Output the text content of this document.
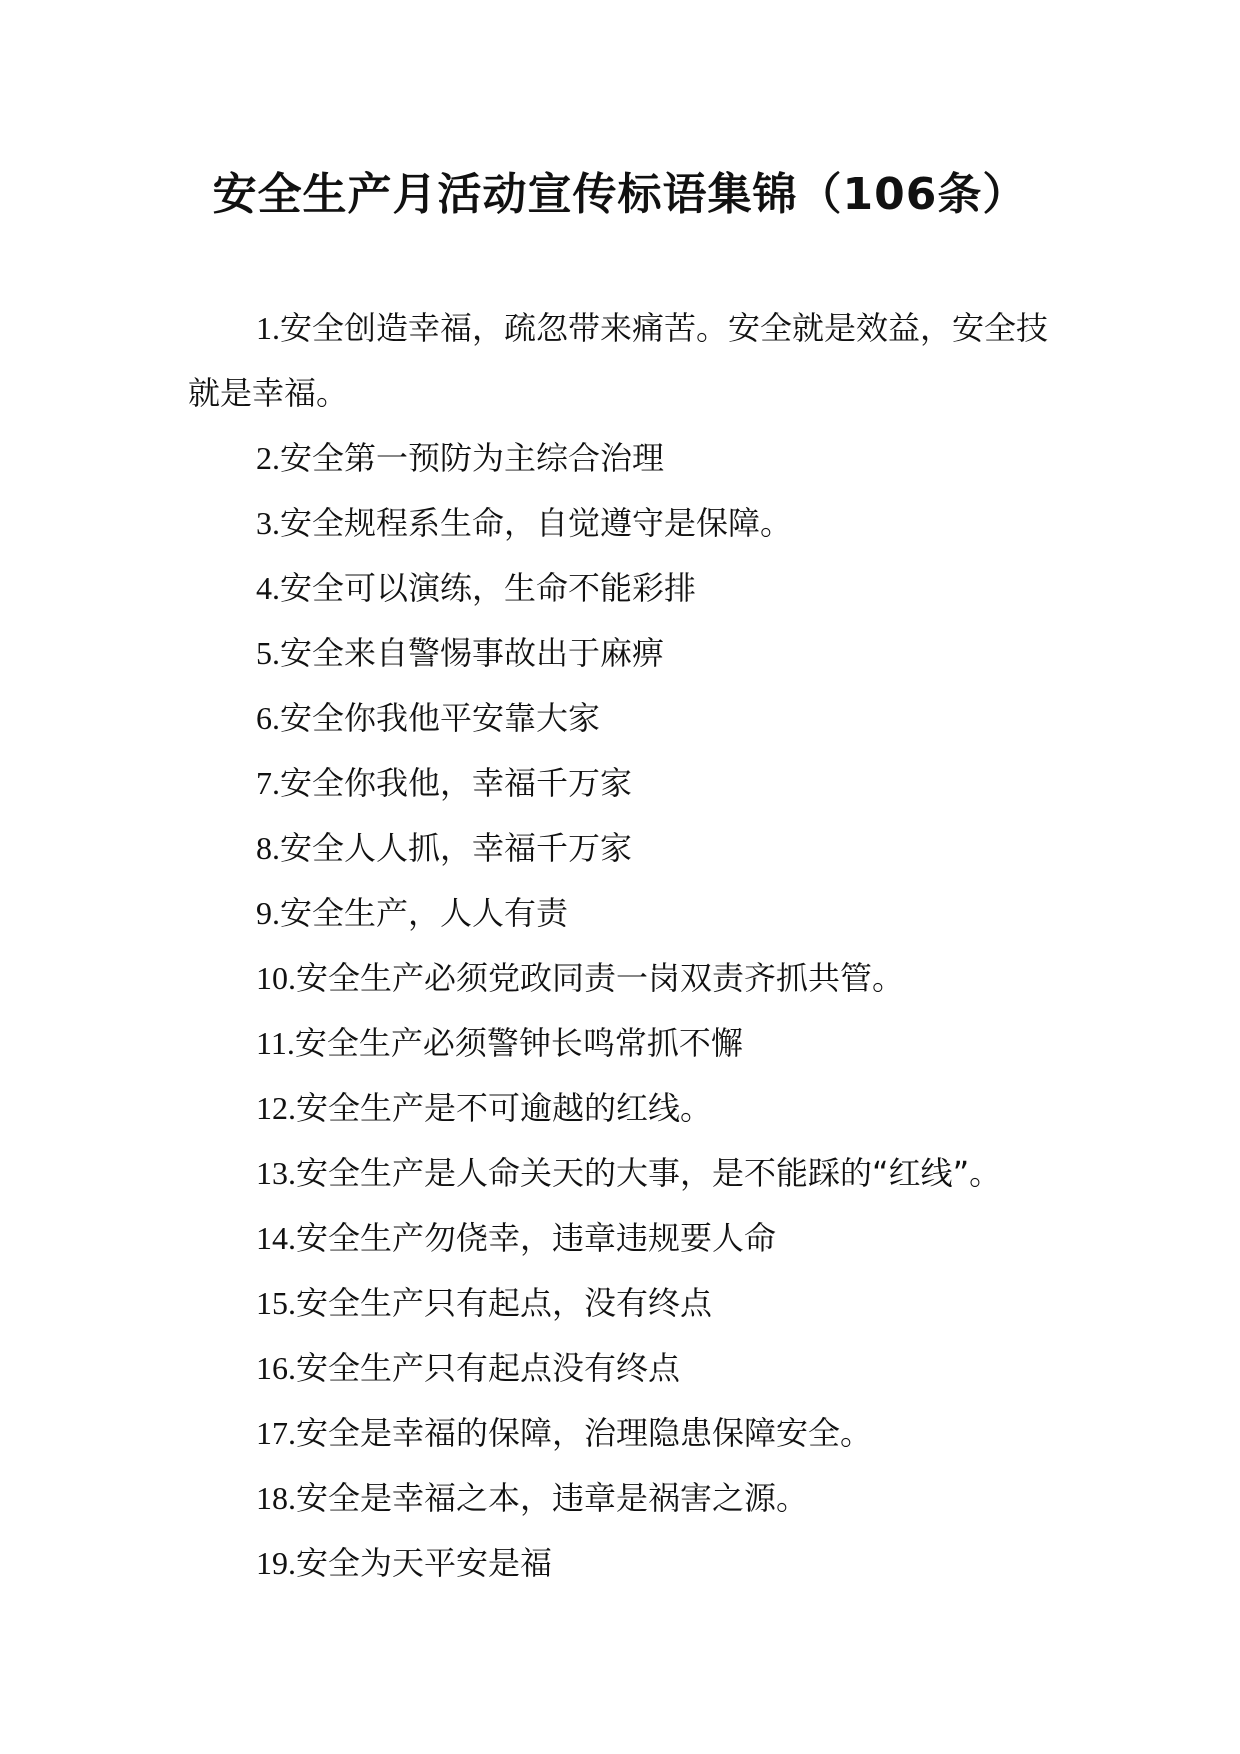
安全生产月活动宣传标语集锦（106条）

1.安全创造幸福，疏忽带来痛苦。安全就是效益，安全技就是幸福。

2.安全第一预防为主综合治理

3.安全规程系生命，自觉遵守是保障。

4.安全可以演练，生命不能彩排

5.安全来自警惕事故出于麻痹

6.安全你我他平安靠大家

7.安全你我他，幸福千万家

8.安全人人抓，幸福千万家

9.安全生产，人人有责

10.安全生产必须党政同责一岗双责齐抓共管。

11.安全生产必须警钟长鸣常抓不懈

12.安全生产是不可逾越的红线。

13.安全生产是人命关天的大事，是不能踩的“红线”。

14.安全生产勿侥幸，违章违规要人命

15.安全生产只有起点，没有终点

16.安全生产只有起点没有终点

17.安全是幸福的保障，治理隐患保障安全。

18.安全是幸福之本，违章是祸害之源。

19.安全为天平安是福
